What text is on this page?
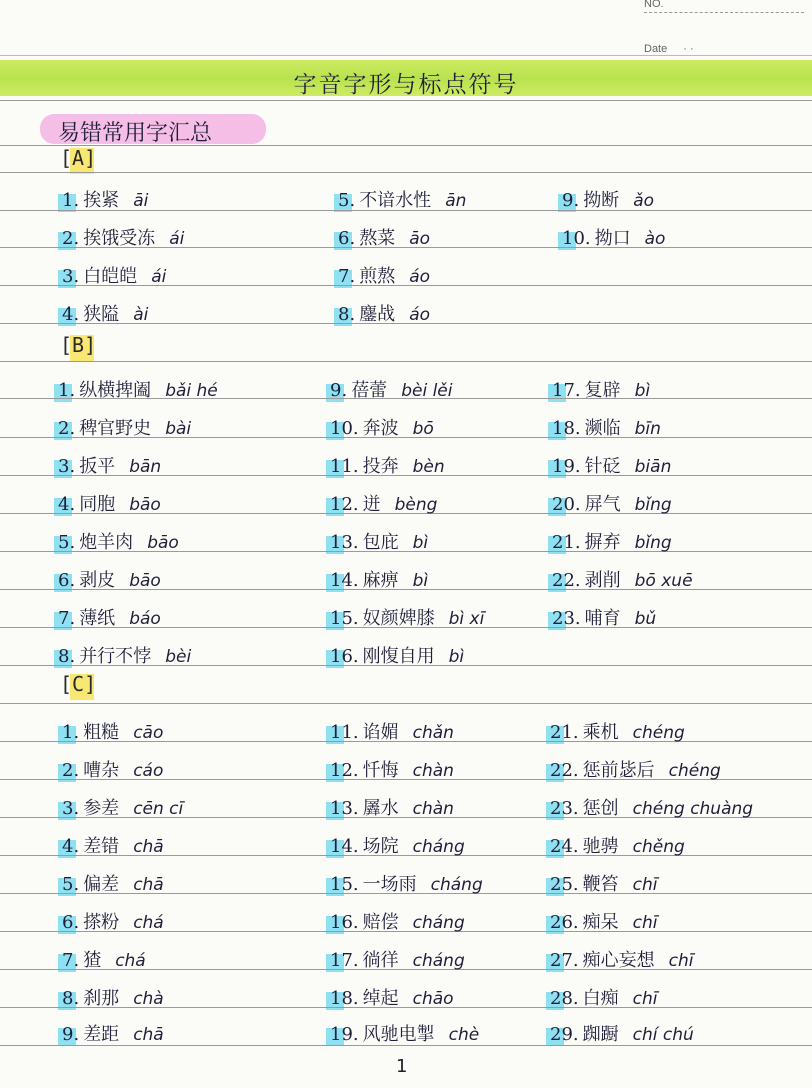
NO.
Date · ·
字音字形与标点符号
易错常用字汇总
[A]
1. 挨紧 āi
2. 挨饿受冻 ái
3. 白皑皑 ái
4. 狭隘 ài
5. 不谙水性 ān
6. 熬菜 āo
7. 煎熬 áo
8. 鏖战 áo
9. 拗断 ǎo
10. 拗口 ào
[B]
1. 纵横捭阖 bǎi hé
2. 稗官野史 bài
3. 扳平 bān
4. 同胞 bāo
5. 炮羊肉 bāo
6. 剥皮 bāo
7. 薄纸 báo
8. 并行不悖 bèi
9. 蓓蕾 bèi lěi
10. 奔波 bō
11. 投奔 bèn
12. 迸 bèng
13. 包庇 bì
14. 麻痹 bì
15. 奴颜婢膝 bì xī
16. 刚愎自用 bì
17. 复辟 bì
18. 濒临 bīn
19. 针砭 biān
20. 屏气 bǐng
21. 摒弃 bǐng
22. 剥削 bō xuē
23. 哺育 bǔ
[C]
1. 粗糙 cāo
2. 嘈杂 cáo
3. 参差 cēn cī
4. 差错 chā
5. 偏差 chā
6. 搽粉 chá
7. 猹 chá
8. 刹那 chà
9. 差距 chā
11. 谄媚 chǎn
12. 忏悔 chàn
13. 羼水 chàn
14. 场院 cháng
15. 一场雨 cháng
16. 赔偿 cháng
17. 徜徉 cháng
18. 绰起 chāo
19. 风驰电掣 chè
21. 乘机 chéng
22. 惩前毖后 chéng
23. 惩创 chéng chuàng
24. 驰骋 chěng
25. 鞭笞 chī
26. 痴呆 chī
27. 痴心妄想 chī
28. 白痴 chī
29. 踟蹰 chí chú
1
